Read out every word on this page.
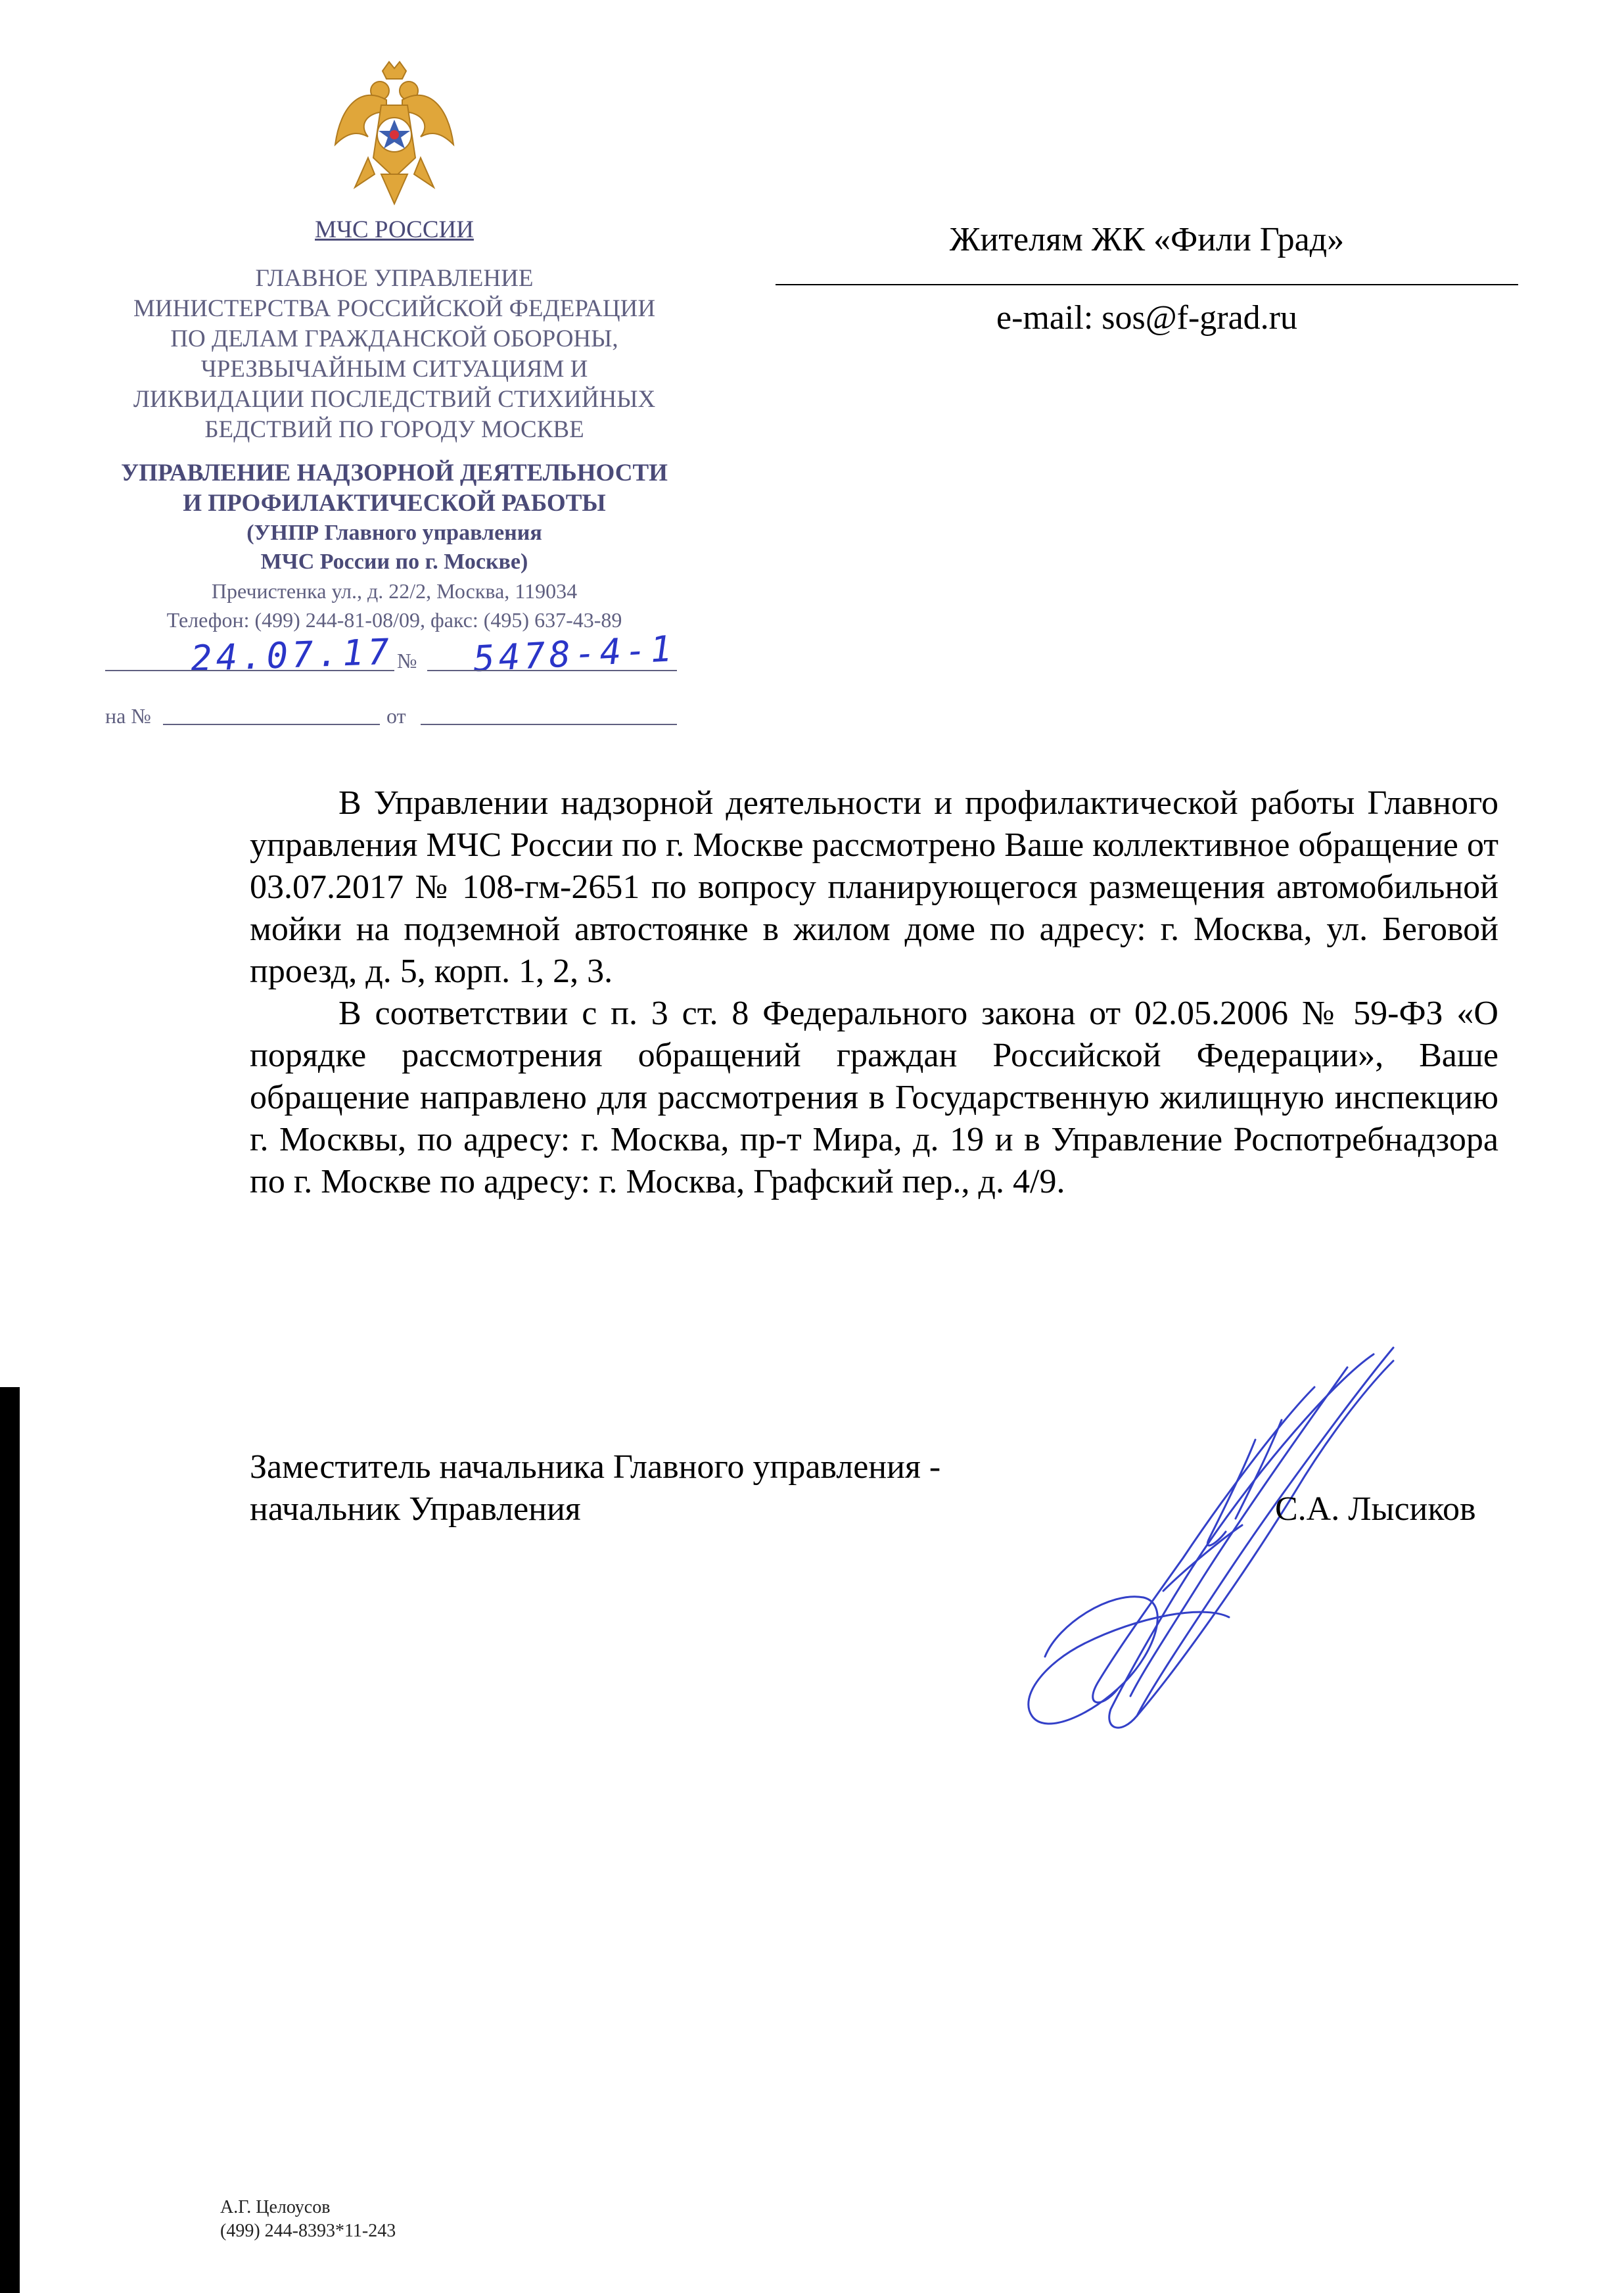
МЧС РОССИИ
ГЛАВНОЕ УПРАВЛЕНИЕ
МИНИСТЕРСТВА РОССИЙСКОЙ ФЕДЕРАЦИИ
ПО ДЕЛАМ ГРАЖДАНСКОЙ ОБОРОНЫ,
ЧРЕЗВЫЧАЙНЫМ СИТУАЦИЯМ И
ЛИКВИДАЦИИ ПОСЛЕДСТВИЙ СТИХИЙНЫХ
БЕДСТВИЙ ПО ГОРОДУ МОСКВЕ
УПРАВЛЕНИЕ НАДЗОРНОЙ ДЕЯТЕЛЬНОСТИ
И ПРОФИЛАКТИЧЕСКОЙ РАБОТЫ
(УНПР Главного управления
МЧС России по г. Москве)
Пречистенка ул., д. 22/2, Москва, 119034
Телефон: (499) 244-81-08/09, факс: (495) 637-43-89
24.07.17 № 5478-4-1
на №	от
Жителям ЖК «Фили Град»
e-mail: sos@f-grad.ru

В Управлении надзорной деятельности и профилактической работы Главного управления МЧС России по г. Москве рассмотрено Ваше коллективное обращение от 03.07.2017 № 108-гм-2651 по вопросу планирующегося размещения автомобильной мойки на подземной автостоянке в жилом доме по адресу: г. Москва, ул. Беговой проезд, д. 5, корп. 1, 2, 3.

В соответствии с п. 3 ст. 8 Федерального закона от 02.05.2006 № 59-ФЗ «О порядке рассмотрения обращений граждан Российской Федерации», Ваше обращение направлено для рассмотрения в Государственную жилищную инспекцию г. Москвы, по адресу: г. Москва, пр-т Мира, д. 19 и в Управление Роспотребнадзора по г. Москве по адресу: г. Москва, Графский пер., д. 4/9.

Заместитель начальника Главного управления -
начальник Управления	С.А. Лысиков
А.Г. Целоусов
(499) 244-8393*11-243
